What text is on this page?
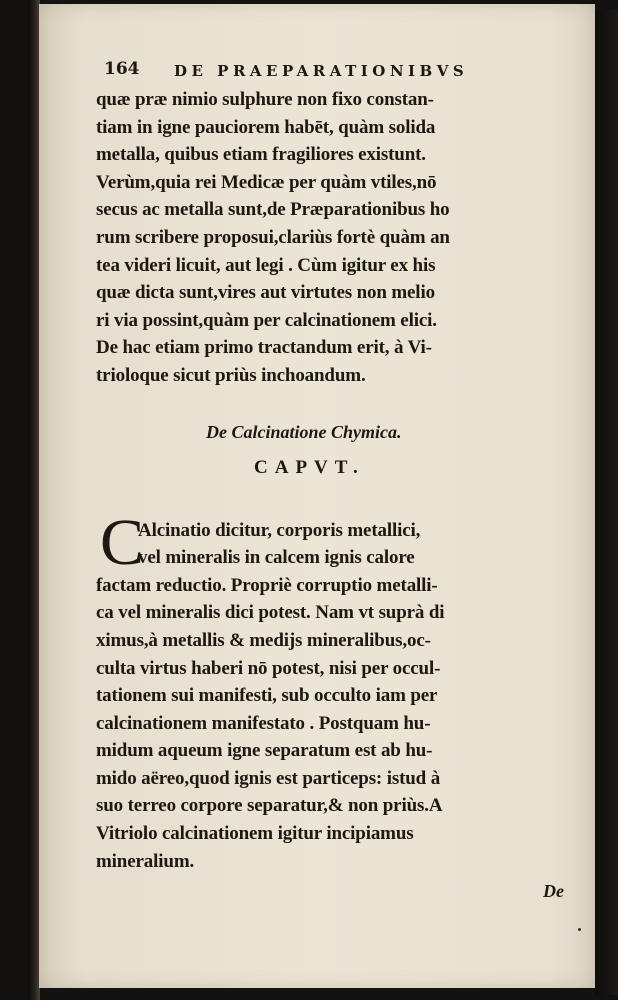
164 DE PRAEPARATIONIBVS
quæ præ nimio sulphure non fixo constan-
tiam in igne pauciorem habēt, quàm solida
metalla, quibus etiam fragiliores existunt.
Verùm,quia rei Medicæ per quàm vtiles,nō
secus ac metalla sunt,de Præparationibus ho
rum scribere proposui,clariùs fortè quàm an
tea videri licuit, aut legi . Cùm igitur ex his
quæ dicta sunt,vires aut virtutes non melio
ri via possint,quàm per calcinationem elici.
De hac etiam primo tractandum erit, à Vi-
trioloque sicut priùs inchoandum.
De Calcinatione Chymica.
CAPVT.
C
Alcinatio dicitur, corporis metallici,
vel mineralis in calcem ignis calore
factam reductio. Propriè corruptio metalli-
ca vel mineralis dici potest. Nam vt suprà di
ximus,à metallis & medijs mineralibus,oc-
culta virtus haberi nō potest, nisi per occul-
tationem sui manifesti, sub occulto iam per
calcinationem manifestato . Postquam hu-
midum aqueum igne separatum est ab hu-
mido aëreo,quod ignis est particeps: istud à
suo terreo corpore separatur,& non priùs.A
Vitriolo calcinationem igitur incipiamus
mineralium.
De
